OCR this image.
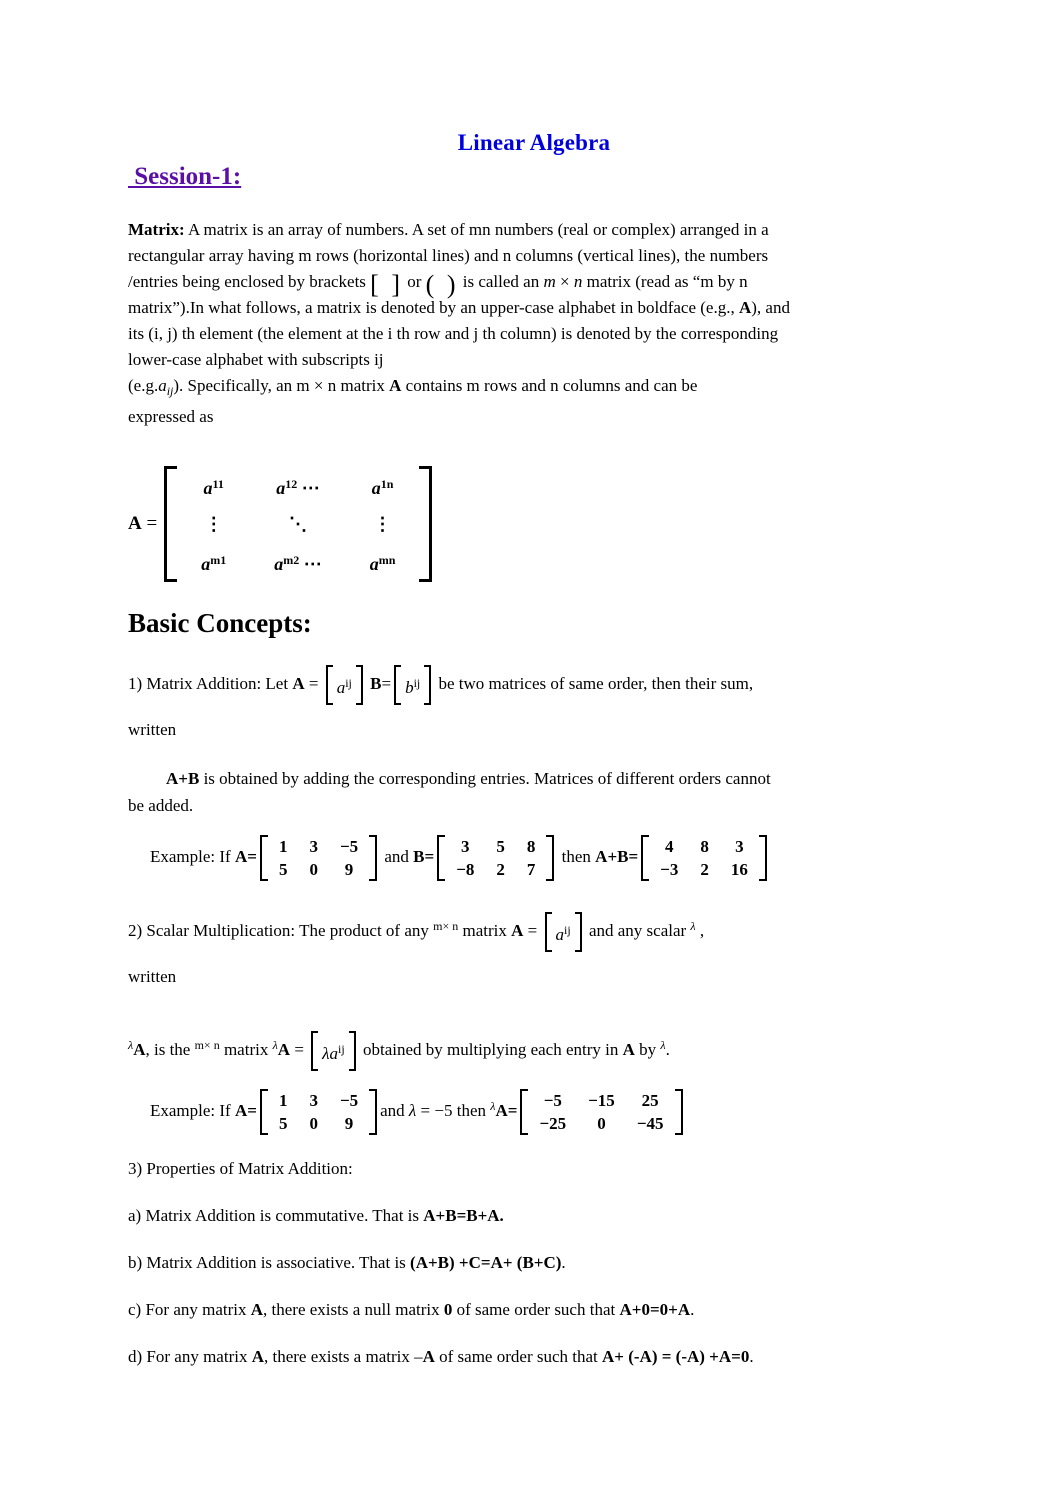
Linear Algebra
Session-1:

Matrix: A matrix is an array of numbers. A set of mn numbers (real or complex) arranged in a
rectangular array having m rows (horizontal lines) and n columns (vertical lines), the numbers
/entries being enclosed by brackets [ ] or ( ) is called an m × n matrix (read as “m by n
matrix”).In what follows, a matrix is denoted by an upper-case alphabet in boldface (e.g., A), and
its (i, j) th element (the element at the i th row and j th column) is denoted by the corresponding
lower-case alphabet with subscripts ij
$(e.g.a_{ij})$. Specifically, an m × n matrix A contains m rows and n columns and can be
expressed as

A =
$a^{11}$	$a^{12}$ ⋯	$a^{1n}$
⋮	⋱	⋮
$a^{m1}$	$a^{m2}$ ⋯	$a^{mn}$
Basic Concepts:

1) Matrix Addition: Let $A = a^{ij}$ $B= b^{ij}$ be two matrices of same order, then their sum,
written

A+B is obtained by adding the corresponding entries. Matrices of different orders cannot
be added.

Example: If A=
1	3	−5
5	0	9
and B=
3	5	8
−8	2	7
then A+B=
4	8	3
−3	2	16

2) Scalar Multiplication: The product of any $^{m\times n}$ matrix $A = a^{ij}$ and any scalar $^\lambda$ ,
written

$^\lambda$A, is the $^{m\times n}$ matrix $^\lambda A = \lambda a^{ij}$ obtained by multiplying each entry in A by $^\lambda$.

Example: If A=
1	3	−5
5	0	9
and λ = −5 then $^\lambda$A=
−5	−15	25
−25	0	−45

3) Properties of Matrix Addition:

a) Matrix Addition is commutative. That is A+B=B+A.

b) Matrix Addition is associative. That is (A+B) +C=A+ (B+C).

c) For any matrix A, there exists a null matrix 0 of same order such that A+0=0+A.

d) For any matrix A, there exists a matrix –A of same order such that A+ (-A) = (-A) +A=0.
